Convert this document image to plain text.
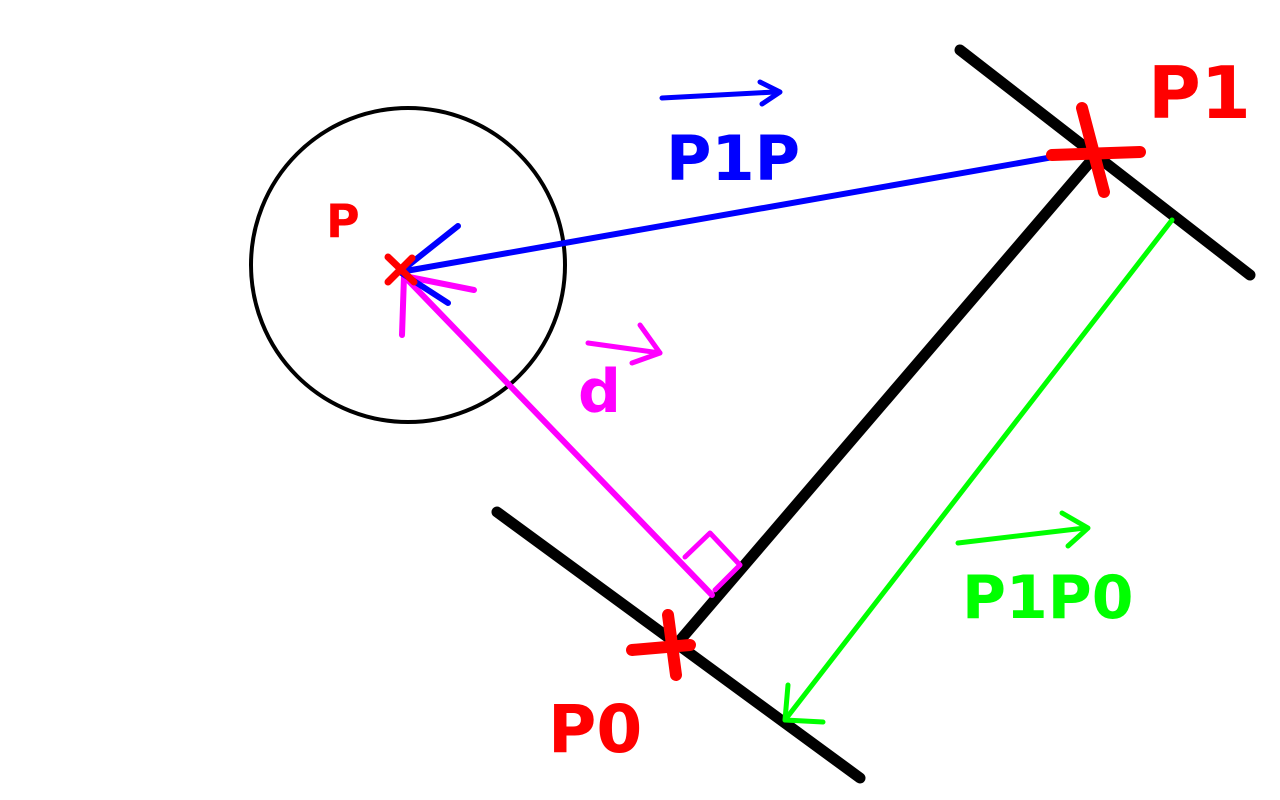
P
P1
P0
P1P
d
P1P0
